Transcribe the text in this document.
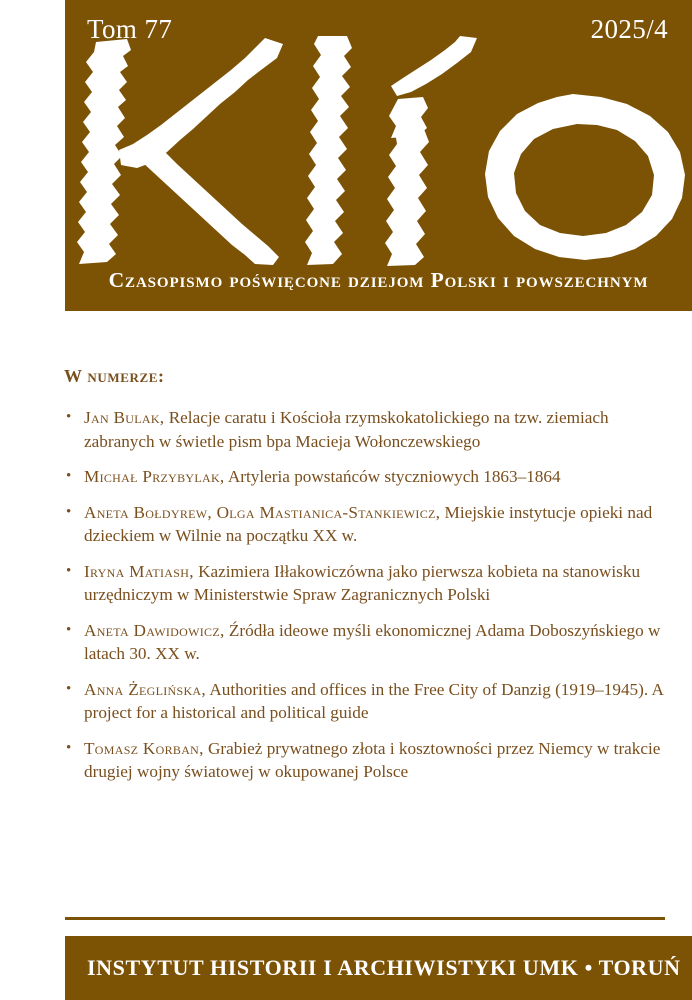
Tom 77	2025/4
Czasopismo poświęcone dziejom Polski i powszechnym
W numerze:
• Jan Bulak, Relacje caratu i Kościoła rzymskokatolickiego na tzw. ziemiach zabranych w świetle pism bpa Macieja Wołonczewskiego
• Michał Przybylak, Artyleria powstańców styczniowych 1863–1864
• Aneta Bołdyrew, Olga Mastianica-Stankiewicz, Miejskie instytucje opieki nad dzieckiem w Wilnie na początku XX w.
• Iryna Matiash, Kazimiera Iłłakowiczówna jako pierwsza kobieta na stanowisku urzędniczym w Ministerstwie Spraw Zagranicznych Polski
• Aneta Dawidowicz, Źródła ideowe myśli ekonomicznej Adama Doboszyńskiego w latach 30. XX w.
• Anna Żeglińska, Authorities and offices in the Free City of Danzig (1919–1945). A project for a historical and political guide
• Tomasz Korban, Grabież prywatnego złota i kosztowności przez Niemcy w trakcie drugiej wojny światowej w okupowanej Polsce
INSTYTUT HISTORII I ARCHIWISTYKI UMK • TORUŃ
